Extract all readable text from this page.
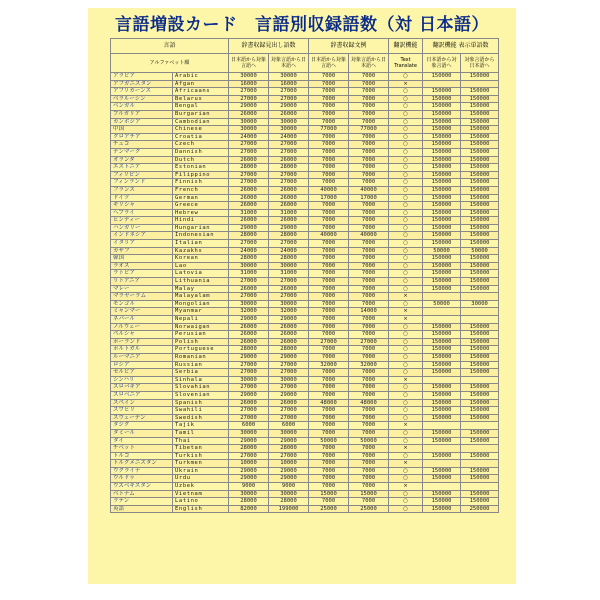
言語増設カード　言語別収録語数（対 日本語）
言語		辞書収録見出し語数		辞書収録文例		翻訳機能	翻訳機能 表示単語数	
アルファベット順		日本語から対象言語へ	対象言語から日本語へ	日本語から対象言語へ	対象言語から日本語へ	Text Translate	日本語から対象言語へ	対象言語から日本語へ
アラビア	Arabic	30000	30000	7000	7000	○	150000	150000
アフガニスタン	Afgan	16000	16000	7000	7000	×		
アフリカーンス	Africaans	27000	27000	7000	7000	○	150000	150000
ベラルーシン	Belarus	27000	27000	7000	7000	○	150000	150000
ベンガル	Bengal	29000	29000	7000	7000	○	150000	150000
ブルガリア	Burgarian	26000	26000	7000	7000	○	150000	150000
カンボジア	Cambodian	30000	30000	7000	7000	○	150000	150000
中国	Chinese	30000	30000	77000	77000	○	150000	150000
クロアチア	Croatia	24000	24000	7000	7000	○	150000	150000
チェコ	Czech	27000	27000	7000	7000	○	150000	150000
デンマーク	Dannish	27000	27000	7000	7000	○	150000	150000
オランダ	Dutch	26000	26000	7000	7000	○	150000	150000
エストニア	Estonian	28000	28000	7000	7000	○	150000	150000
フィリピン	Filippino	27000	27000	7000	7000	○	150000	150000
フィンランド	Finnish	27000	27000	7000	7000	○	150000	150000
フランス	French	26000	26000	40000	40000	○	150000	150000
ドイツ	German	26000	26000	17000	17000	○	150000	150000
ギリシャ	Greece	26000	26000	7000	7000	○	150000	150000
ヘブライ	Hebrew	31000	31000	7000	7000	○	150000	150000
ヒンディー	Hindi	26000	26000	7000	7000	○	150000	150000
ハンガリー	Hungarian	29000	29000	7000	7000	○	150000	150000
インドネシア	Indonesian	28000	28000	40000	40000	○	150000	150000
イタリア	Italian	27000	27000	7000	7000	○	150000	150000
カザフ	Kazakhs	24000	24000	7000	7000	○	50000	50000
韓国	Korean	28000	28000	7000	7000	○	150000	150000
ラオス	Lao	30000	30000	7000	7000	○	150000	150000
ラトビア	Latovia	31000	31000	7000	7000	○	150000	150000
リトアニア	Lithuania	27000	27000	7000	7000	○	150000	150000
マレー	Malay	26000	26000	7000	7000	○	150000	150000
マラヤーラム	Malayalam	27000	27000	7000	7000	×		
モンゴル	Mongolian	30000	30000	7000	7000	○	50000	30000
ミャンマー	Myanmar	32000	32000	7000	14000	×		
ネパール	Nepali	29000	29000	7000	7000	×		
ノルウェー	Norwaigan	26000	26000	7000	7000	○	150000	150000
ペルシャ	Perusian	26000	26000	7000	7000	○	150000	150000
ポーランド	Polish	26000	26000	27000	27000	○	150000	150000
ポルトガル	Portuguese	28000	28000	7000	7000	○	150000	150000
ルーマニア	Romanian	29000	29000	7000	7000	○	150000	150000
ロシア	Russian	27000	27000	32000	32000	○	150000	150000
セルビア	Serbia	27000	27000	7000	7000	○	150000	150000
シンハリ	Sinhala	30000	30000	7000	7000	×		
スロバキア	Slovahian	27000	27000	7000	7000	○	150000	150000
スロベニア	Slovenian	29000	29000	7000	7000	○	150000	150000
スペイン	Spanish	26000	26000	48000	48000	○	150000	150000
スワヒリ	Swahili	27000	27000	7000	7000	○	150000	150000
スウェーデン	Swedish	27000	27000	7000	7000	○	150000	150000
タジク	Tajik	6000	6000	7000	7000	×		
タミール	Tamil	30000	30000	7000	7000	○	150000	150000
タイ	Thai	29000	29000	50000	50000	○	150000	150000
チベット	Tibetan	28000	28000	7000	7000	×		
トルコ	Turkish	27000	27000	7000	7000	○	150000	150000
トルクメニスタン	Turkmen	10000	10000	7000	7000	×		
ウクライナ	Ukrain	29000	29000	7000	7000	○	150000	150000
ウルドゥ	Urdu	29000	29000	7000	7000	○	150000	150000
ウズベキスタン	Uzbek	9000	9000	7000	7000	×		
ベトナム	Vietnam	30000	30000	15000	15000	○	150000	150000
ラテン	Latino	28000	28000	7000	7000	○	150000	150000
英語	English	82000	199000	25000	25000	○	150000	250000
